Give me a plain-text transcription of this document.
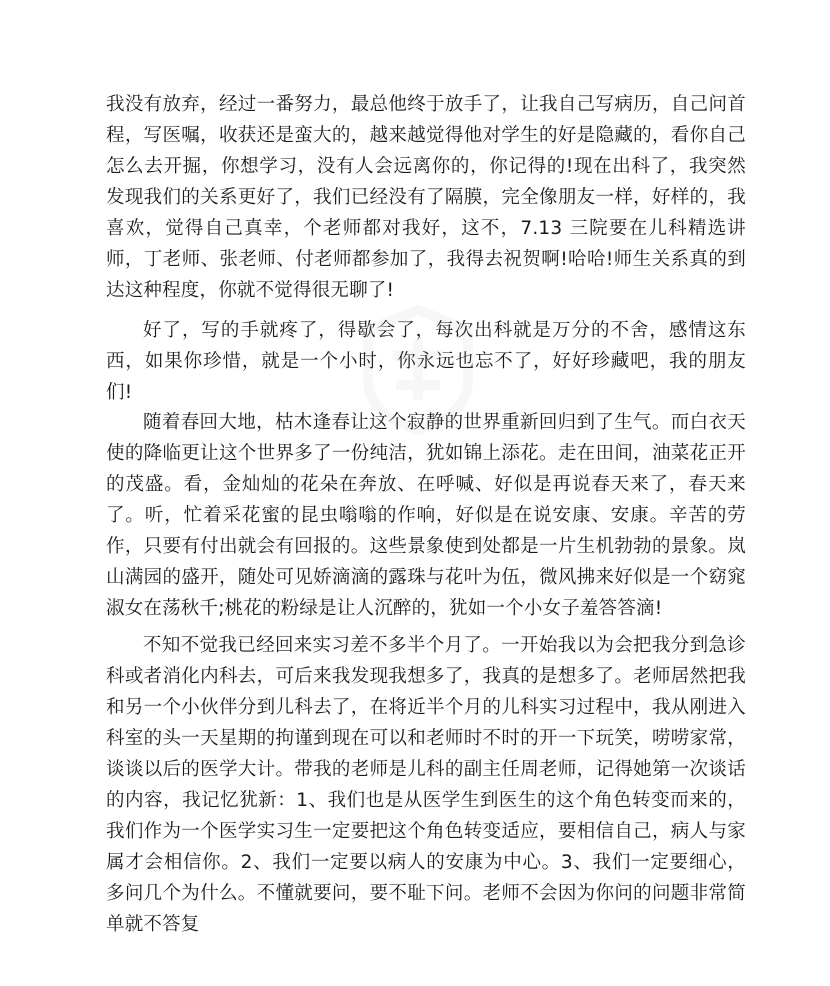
我没有放弃，经过一番努力，最总他终于放手了，让我自己写病历，自己问首程，写医嘱，收获还是蛮大的，越来越觉得他对学生的好是隐藏的，看你自己怎么去开掘，你想学习，没有人会远离你的，你记得的!现在出科了，我突然发现我们的关系更好了，我们已经没有了隔膜，完全像朋友一样，好样的，我喜欢，觉得自己真幸，个老师都对我好，这不，7.13 三院要在儿科精选讲师，丁老师、张老师、付老师都参加了，我得去祝贺啊!哈哈!师生关系真的到达这种程度，你就不觉得很无聊了!

好了，写的手就疼了，得歇会了，每次出科就是万分的不舍，感情这东西，如果你珍惜，就是一个小时，你永远也忘不了，好好珍藏吧，我的朋友们!

随着春回大地，枯木逢春让这个寂静的世界重新回归到了生气。而白衣天使的降临更让这个世界多了一份纯洁，犹如锦上添花。走在田间，油菜花正开的茂盛。看，金灿灿的花朵在奔放、在呼喊、好似是再说春天来了，春天来了。听，忙着采花蜜的昆虫嗡嗡的作响，好似是在说安康、安康。辛苦的劳作，只要有付出就会有回报的。这些景象使到处都是一片生机勃勃的景象。岚山满园的盛开，随处可见娇滴滴的露珠与花叶为伍，微风拂来好似是一个窈窕淑女在荡秋千;桃花的粉绿是让人沉醉的，犹如一个小女子羞答答滴!

不知不觉我已经回来实习差不多半个月了。一开始我以为会把我分到急诊科或者消化内科去，可后来我发现我想多了，我真的是想多了。老师居然把我和另一个小伙伴分到儿科去了，在将近半个月的儿科实习过程中，我从刚进入科室的头一天星期的拘谨到现在可以和老师时不时的开一下玩笑，唠唠家常，谈谈以后的医学大计。带我的老师是儿科的副主任周老师，记得她第一次谈话的内容，我记忆犹新：1、我们也是从医学生到医生的这个角色转变而来的，我们作为一个医学实习生一定要把这个角色转变适应，要相信自己，病人与家属才会相信你。2、我们一定要以病人的安康为中心。3、我们一定要细心，多问几个为什么。不懂就要问，要不耻下问。老师不会因为你问的问题非常简单就不答复
